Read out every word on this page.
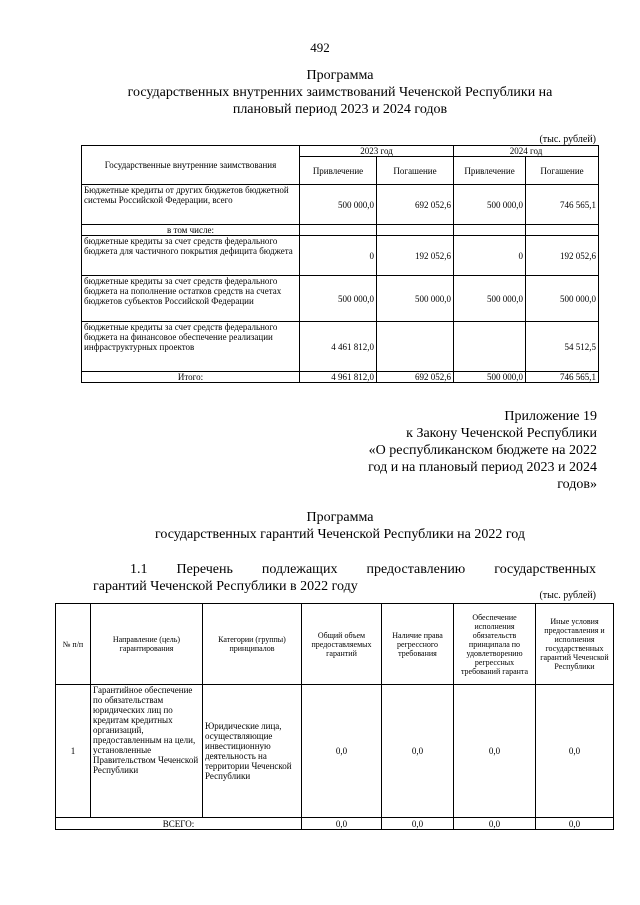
492
Программа
государственных внутренних заимствований Чеченской Республики на
плановый период 2023 и 2024 годов
(тыс. рублей)
Государственные внутренние заимствования	2023 год		2024 год	
	Привлечение	Погашение	Привлечение	Погашение
Бюджетные кредиты от других бюджетов бюджетной системы Российской Федерации, всего	500 000,0	692 052,6	500 000,0	746 565,1
в том числе:				
бюджетные кредиты за счет средств федерального бюджета для частичного покрытия дефицита бюджета	0	192 052,6	0	192 052,6
бюджетные кредиты за счет средств федерального бюджета на пополнение остатков средств на счетах бюджетов субъектов Российской Федерации	500 000,0	500 000,0	500 000,0	500 000,0
бюджетные кредиты за счет средств федерального бюджета на финансовое обеспечение реализации инфраструктурных проектов	4 461 812,0			54 512,5
Итого:	4 961 812,0	692 052,6	500 000,0	746 565,1
Приложение 19
к Закону Чеченской Республики
«О республиканском бюджете на 2022
год и на плановый период 2023 и 2024
годов»
Программа
государственных гарантий Чеченской Республики на 2022 год
1.1 Перечень подлежащих предоставлению государственных
гарантий Чеченской Республики в 2022 году
(тыс. рублей)
№ п/п	Направление (цель) гарантирования	Категории (группы) принципалов	Общий объем предоставляемых гарантий	Наличие права регрессного требования	Обеспечение исполнения обязательств принципала по удовлетворению регрессных требований гаранта	Иные условия предоставления и исполнения государственных гарантий Чеченской Республики
1	Гарантийное обеспечение по обязательствам юридических лиц по кредитам кредитных организаций, предоставленным на цели, установленные Правительством Чеченской Республики	Юридические лица, осуществляющие инвестиционную деятельность на территории Чеченской Республики	0,0	0,0	0,0	0,0
ВСЕГО:			0,0	0,0	0,0	0,0
